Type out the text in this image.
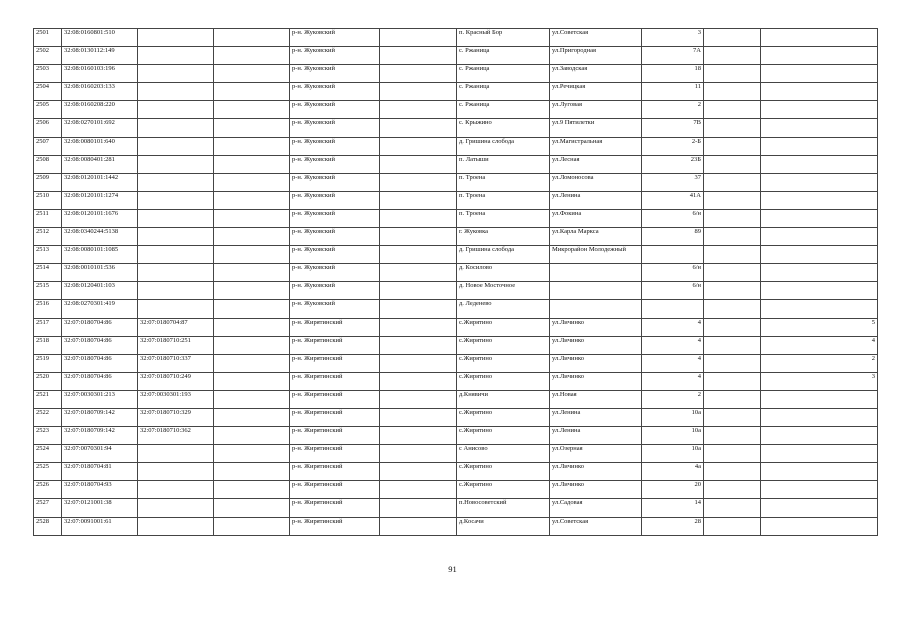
2501	32:08:0160801:510			р-н. Жуковский		п. Красный Бор	ул.Советская	3		
2502	32:08:0130112:149			р-н. Жуковский		с. Ржаница	ул.Пригородная	7А		
2503	32:08:0160103:196			р-н. Жуковский		с. Ржаница	ул.Заводская	18		
2504	32:08:0160203:133			р-н. Жуковский		с. Ржаница	ул.Речицкая	11		
2505	32:08:0160208:220			р-н. Жуковский		с. Ржаница	ул.Луговая	2		
2506	32:08:0270101:692			р-н. Жуковский		с. Крыжино	ул.9 Пятилетки	7В		
2507	32:08:0080101:640			р-н. Жуковский		д. Гришина слобода	ул.Магистральная	2-Б		
2508	32:08:0080401:281			р-н. Жуковский		п. Латыши	ул.Лесная	23Б		
2509	32:08:0120101:1442			р-н. Жуковский		п. Троена	ул.Ломоносова	37		
2510	32:08:0120101:1274			р-н. Жуковский		п. Троена	ул.Ленина	41А		
2511	32:08:0120101:1676			р-н. Жуковский		п. Троена	ул.Фокина	6/н		
2512	32:08:0340244:5138			р-н. Жуковский		г. Жуковка	ул.Карла Маркса	89		
2513	32:08:0080101:1085			р-н. Жуковский		д. Гришина слобода	Микрорайон Молодежный			
2514	32:08:0010101:536			р-н. Жуковский		д. Косилово		6/н		
2515	32:08:0120401:103			р-н. Жуковский		д. Новое Мосточное		6/н		
2516	32:08:0270301:419			р-н. Жуковский		д. Леденево				
2517	32:07:0180704:86	32:07:0180704:87		р-н. Жирятинский		с.Жирятино	ул.Личинко	4		5
2518	32:07:0180704:86	32:07:0180710:251		р-н. Жирятинский		с.Жирятино	ул.Личинко	4		4
2519	32:07:0180704:86	32:07:0180710:337		р-н. Жирятинский		с.Жирятино	ул.Личинко	4		2
2520	32:07:0180704:86	32:07:0180710:249		р-н. Жирятинский		с.Жирятино	ул.Личинко	4		3
2521	32:07:0030301:213	32:07:0030301:193		р-н. Жирятинский		д.Княвичи	ул.Новая	2		
2522	32:07:0180709:142	32:07:0180710:329		р-н. Жирятинский		с.Жирятино	ул.Ленина	10а		
2523	32:07:0180709:142	32:07:0180710:362		р-н. Жирятинский		с.Жирятино	ул.Ленина	10а		
2524	32:07:0070301:94			р-н. Жирятинский		с Анисово	ул.Озерная	10а		
2525	32:07:0180704:81			р-н. Жирятинский		с.Жирятино	ул.Личинко	4а		
2526	32:07:0180704:93			р-н. Жирятинский		с.Жирятино	ул.Личинко	20		
2527	32:07:0121001:38			р-н. Жирятинский		п.Новосоветский	ул.Садовая	14		
2528	32:07:0091001:61			р-н. Жирятинский		д.Косачи	ул.Советская	28		
91
